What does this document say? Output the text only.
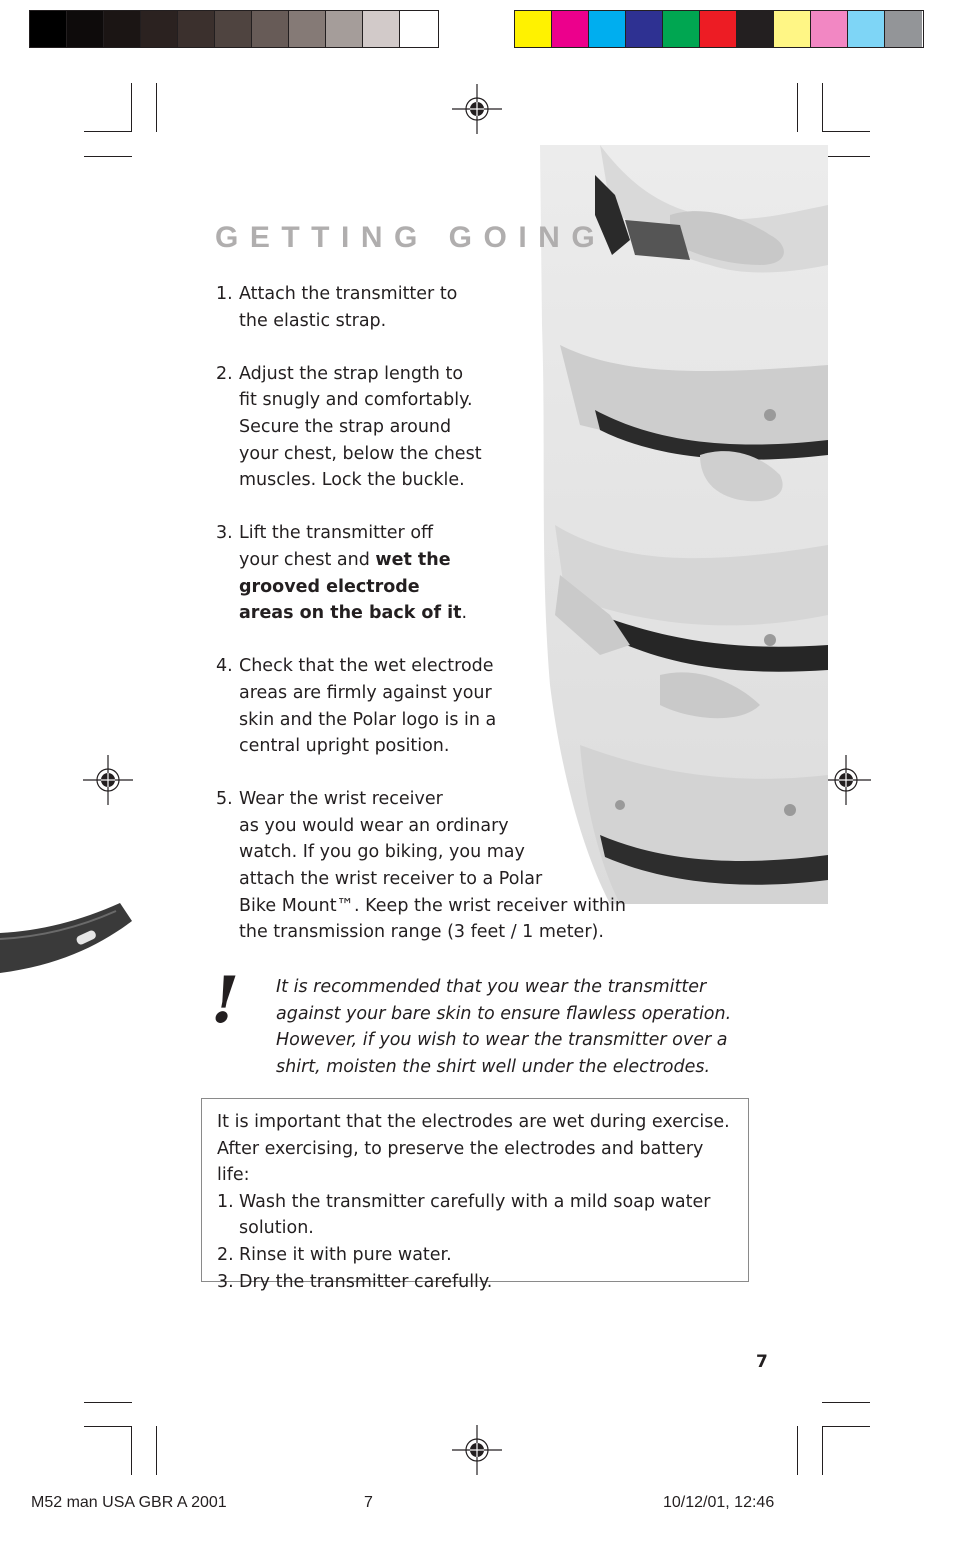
GETTING GOING
1. Attach the transmitter to
the elastic strap.
2. Adjust the strap length to
fit snugly and comfortably.
Secure the strap around
your chest, below the chest
muscles. Lock the buckle.
3. Lift the transmitter off
your chest and wet the
grooved electrode
areas on the back of it.
4. Check that the wet electrode
areas are firmly against your
skin and the Polar logo is in a
central upright position.
5. Wear the wrist receiver
as you would wear an ordinary
watch. If you go biking, you may
attach the wrist receiver to a Polar
Bike Mount™. Keep the wrist receiver within
the transmission range (3 feet / 1 meter).
! It is recommended that you wear the transmitter
against your bare skin to ensure flawless operation.
However, if you wish to wear the transmitter over a
shirt, moisten the shirt well under the electrodes.
It is important that the electrodes are wet during exercise.
After exercising, to preserve the electrodes and battery life:
1. Wash the transmitter carefully with a mild soap water
solution.
2. Rinse it with pure water.
3. Dry the transmitter carefully.
7
M52 man USA GBR A 2001	7	10/12/01, 12:46
